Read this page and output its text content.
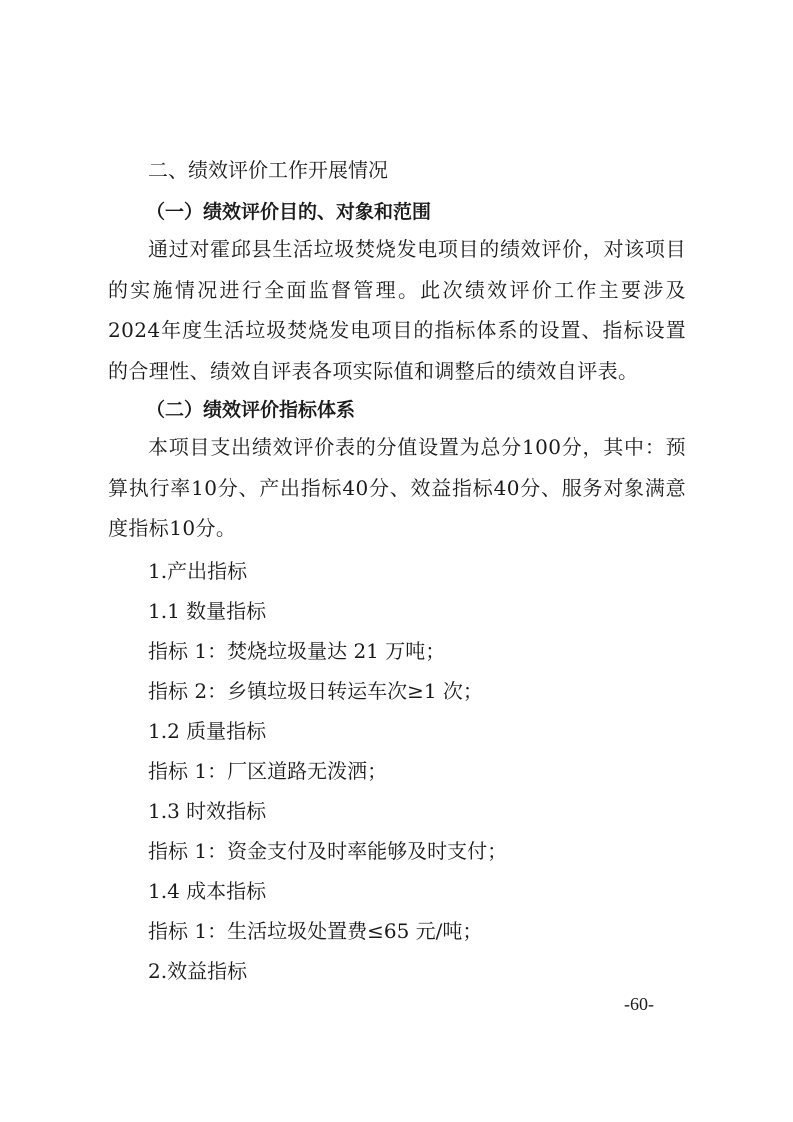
二、绩效评价工作开展情况

（一）绩效评价目的、对象和范围

通过对霍邱县生活垃圾焚烧发电项目的绩效评价，对该项目的实施情况进行全面监督管理。此次绩效评价工作主要涉及2024年度生活垃圾焚烧发电项目的指标体系的设置、指标设置的合理性、绩效自评表各项实际值和调整后的绩效自评表。

（二）绩效评价指标体系

本项目支出绩效评价表的分值设置为总分100分，其中：预算执行率10分、产出指标40分、效益指标40分、服务对象满意度指标10分。

1.产出指标

1.1 数量指标

指标 1：焚烧垃圾量达 21 万吨；

指标 2：乡镇垃圾日转运车次≥1 次；

1.2 质量指标

指标 1：厂区道路无泼洒；

1.3 时效指标

指标 1：资金支付及时率能够及时支付；

1.4 成本指标

指标 1：生活垃圾处置费≤65 元/吨；

2.效益指标

-60-
